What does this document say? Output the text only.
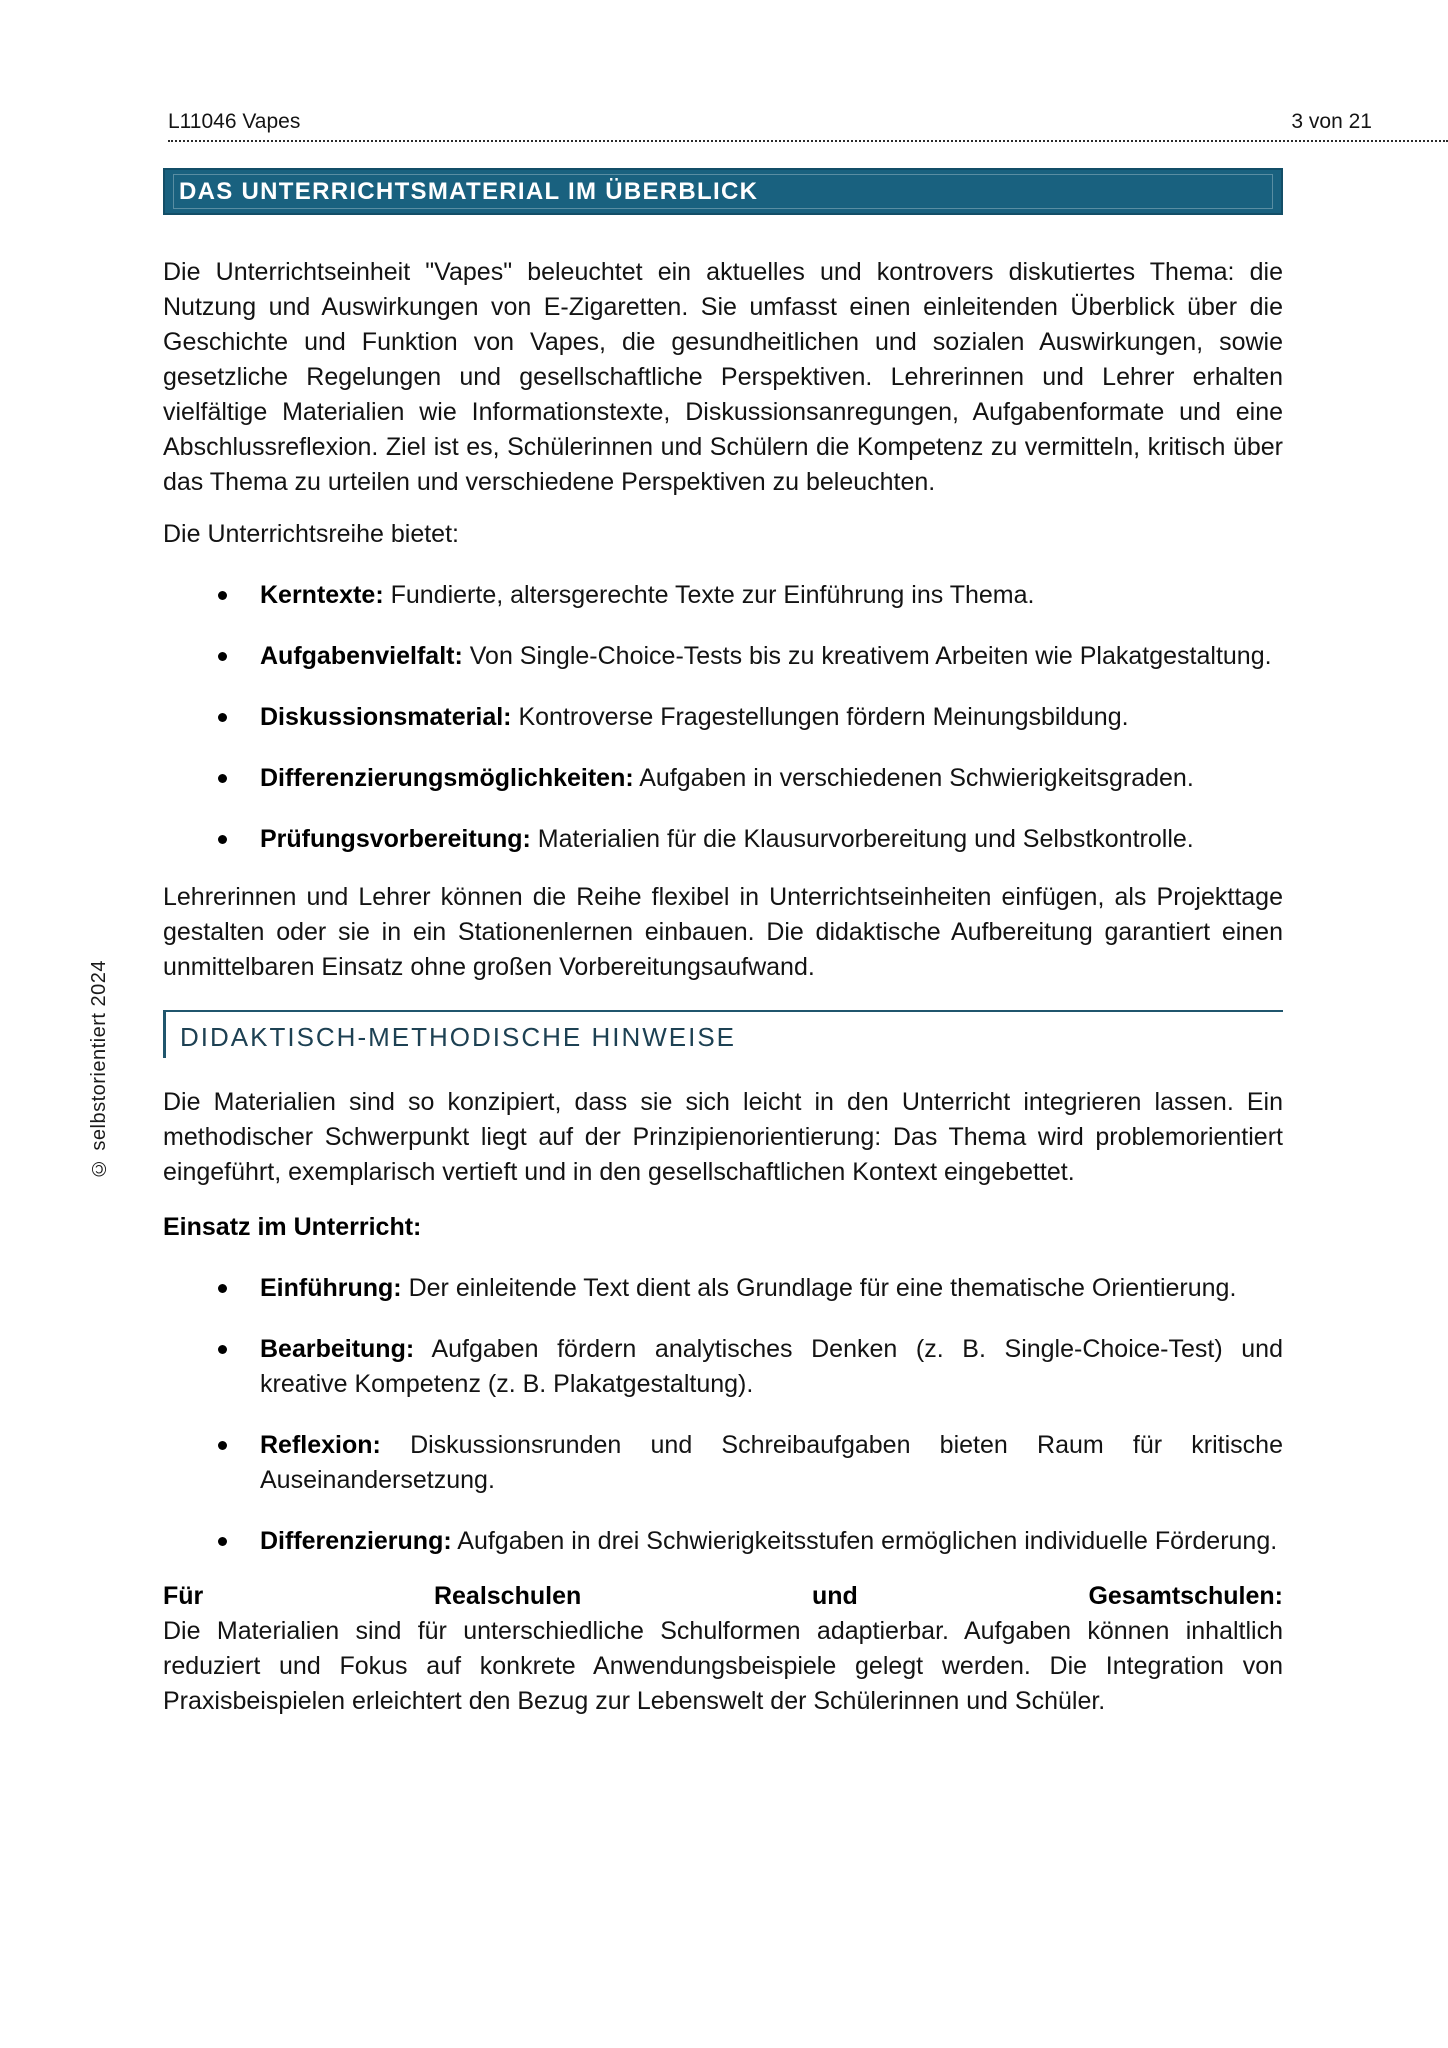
L11046 Vapes	3 von 21
© selbstorientiert 2024
DAS UNTERRICHTSMATERIAL IM ÜBERBLICK

Die Unterrichtseinheit "Vapes" beleuchtet ein aktuelles und kontrovers diskutiertes Thema: die Nutzung und Auswirkungen von E-Zigaretten. Sie umfasst einen einleitenden Überblick über die Geschichte und Funktion von Vapes, die gesundheitlichen und sozialen Auswirkungen, sowie gesetzliche Regelungen und gesellschaftliche Perspektiven. Lehrerinnen und Lehrer erhalten vielfältige Materialien wie Informationstexte, Diskussionsanregungen, Aufgabenformate und eine Abschlussreflexion. Ziel ist es, Schülerinnen und Schülern die Kompetenz zu vermitteln, kritisch über das Thema zu urteilen und verschiedene Perspektiven zu beleuchten.

Die Unterrichtsreihe bietet:

Kerntexte: Fundierte, altersgerechte Texte zur Einführung ins Thema.
Aufgabenvielfalt: Von Single-Choice-Tests bis zu kreativem Arbeiten wie Plakatgestaltung.
Diskussionsmaterial: Kontroverse Fragestellungen fördern Meinungsbildung.
Differenzierungsmöglichkeiten: Aufgaben in verschiedenen Schwierigkeitsgraden.
Prüfungsvorbereitung: Materialien für die Klausurvorbereitung und Selbstkontrolle.

Lehrerinnen und Lehrer können die Reihe flexibel in Unterrichtseinheiten einfügen, als Projekttage gestalten oder sie in ein Stationenlernen einbauen. Die didaktische Aufbereitung garantiert einen unmittelbaren Einsatz ohne großen Vorbereitungsaufwand.

DIDAKTISCH-METHODISCHE HINWEISE

Die Materialien sind so konzipiert, dass sie sich leicht in den Unterricht integrieren lassen. Ein methodischer Schwerpunkt liegt auf der Prinzipienorientierung: Das Thema wird problemorientiert eingeführt, exemplarisch vertieft und in den gesellschaftlichen Kontext eingebettet.

Einsatz im Unterricht:

Einführung: Der einleitende Text dient als Grundlage für eine thematische Orientierung.
Bearbeitung: Aufgaben fördern analytisches Denken (z. B. Single-Choice-Test) und kreative Kompetenz (z. B. Plakatgestaltung).
Reflexion: Diskussionsrunden und Schreibaufgaben bieten Raum für kritische Auseinandersetzung.
Differenzierung: Aufgaben in drei Schwierigkeitsstufen ermöglichen individuelle Förderung.
Für	Realschulen	und	Gesamtschulen:

Die Materialien sind für unterschiedliche Schulformen adaptierbar. Aufgaben können inhaltlich reduziert und Fokus auf konkrete Anwendungsbeispiele gelegt werden. Die Integration von Praxisbeispielen erleichtert den Bezug zur Lebenswelt der Schülerinnen und Schüler.
